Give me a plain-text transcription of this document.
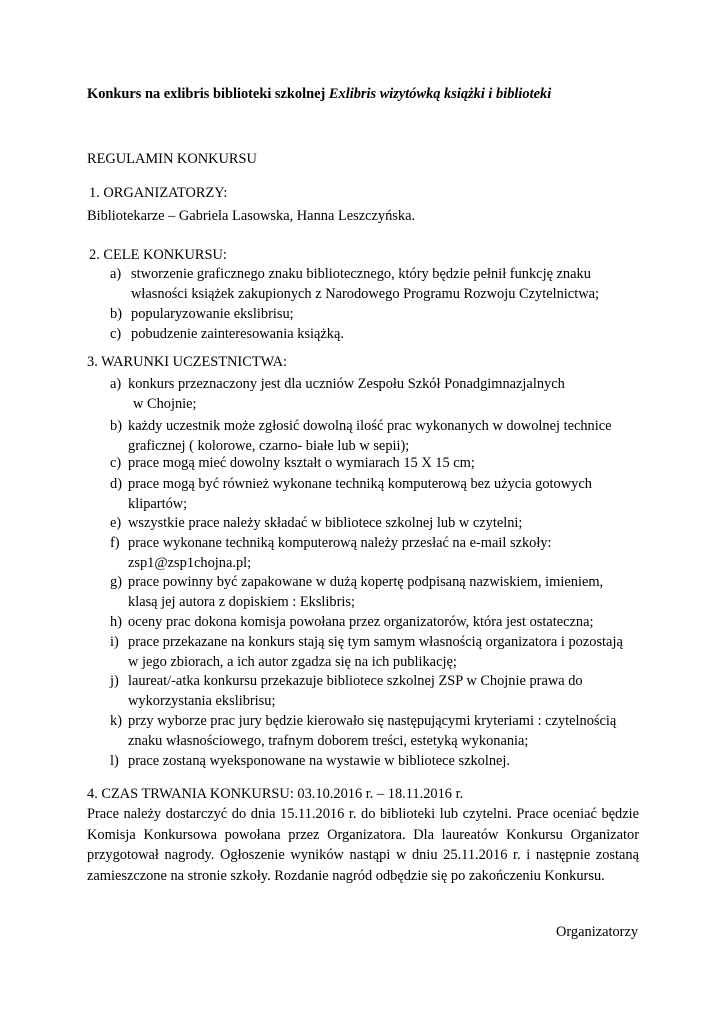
Konkurs na exlibris biblioteki szkolnej Exlibris wizytówką książki i biblioteki
REGULAMIN KONKURSU
1. ORGANIZATORZY:
Bibliotekarze – Gabriela Lasowska, Hanna Leszczyńska.
2. CELE KONKURSU:
a) stworzenie graficznego znaku bibliotecznego, który będzie pełnił funkcję znaku
własności książek zakupionych z Narodowego Programu Rozwoju Czytelnictwa;
b) popularyzowanie ekslibrisu;
c) pobudzenie zainteresowania książką.
3. WARUNKI UCZESTNICTWA:
a) konkurs przeznaczony jest dla uczniów Zespołu Szkół Ponadgimnazjalnych
w Chojnie;
b) każdy uczestnik może zgłosić dowolną ilość prac wykonanych w dowolnej technice
graficznej ( kolorowe, czarno- białe lub w sepii);
c) prace mogą mieć dowolny kształt o wymiarach 15 X 15 cm;
d) prace mogą być również wykonane techniką komputerową bez użycia gotowych
klipartów;
e) wszystkie prace należy składać w bibliotece szkolnej lub w czytelni;
f) prace wykonane techniką komputerową należy przesłać na e-mail szkoły:
zsp1@zsp1chojna.pl;
g) prace powinny być zapakowane w dużą kopertę podpisaną nazwiskiem, imieniem,
klasą jej autora z dopiskiem : Ekslibris;
h) oceny prac dokona komisja powołana przez organizatorów, która jest ostateczna;
i) prace przekazane na konkurs stają się tym samym własnością organizatora i pozostają
w jego zbiorach, a ich autor zgadza się na ich publikację;
j) laureat/-atka konkursu przekazuje bibliotece szkolnej ZSP w Chojnie prawa do
wykorzystania ekslibrisu;
k) przy wyborze prac jury będzie kierowało się następującymi kryteriami : czytelnością
znaku własnościowego, trafnym doborem treści, estetyką wykonania;
l) prace zostaną wyeksponowane na wystawie w bibliotece szkolnej.
4. CZAS TRWANIA KONKURSU: 03.10.2016 r. – 18.11.2016 r.
Prace należy dostarczyć do dnia 15.11.2016 r. do biblioteki lub czytelni. Prace oceniać będzie
Komisja Konkursowa powołana przez Organizatora. Dla laureatów Konkursu Organizator
przygotował nagrody. Ogłoszenie wyników nastąpi w dniu 25.11.2016 r. i następnie zostaną
zamieszczone na stronie szkoły. Rozdanie nagród odbędzie się po zakończeniu Konkursu.
Organizatorzy
